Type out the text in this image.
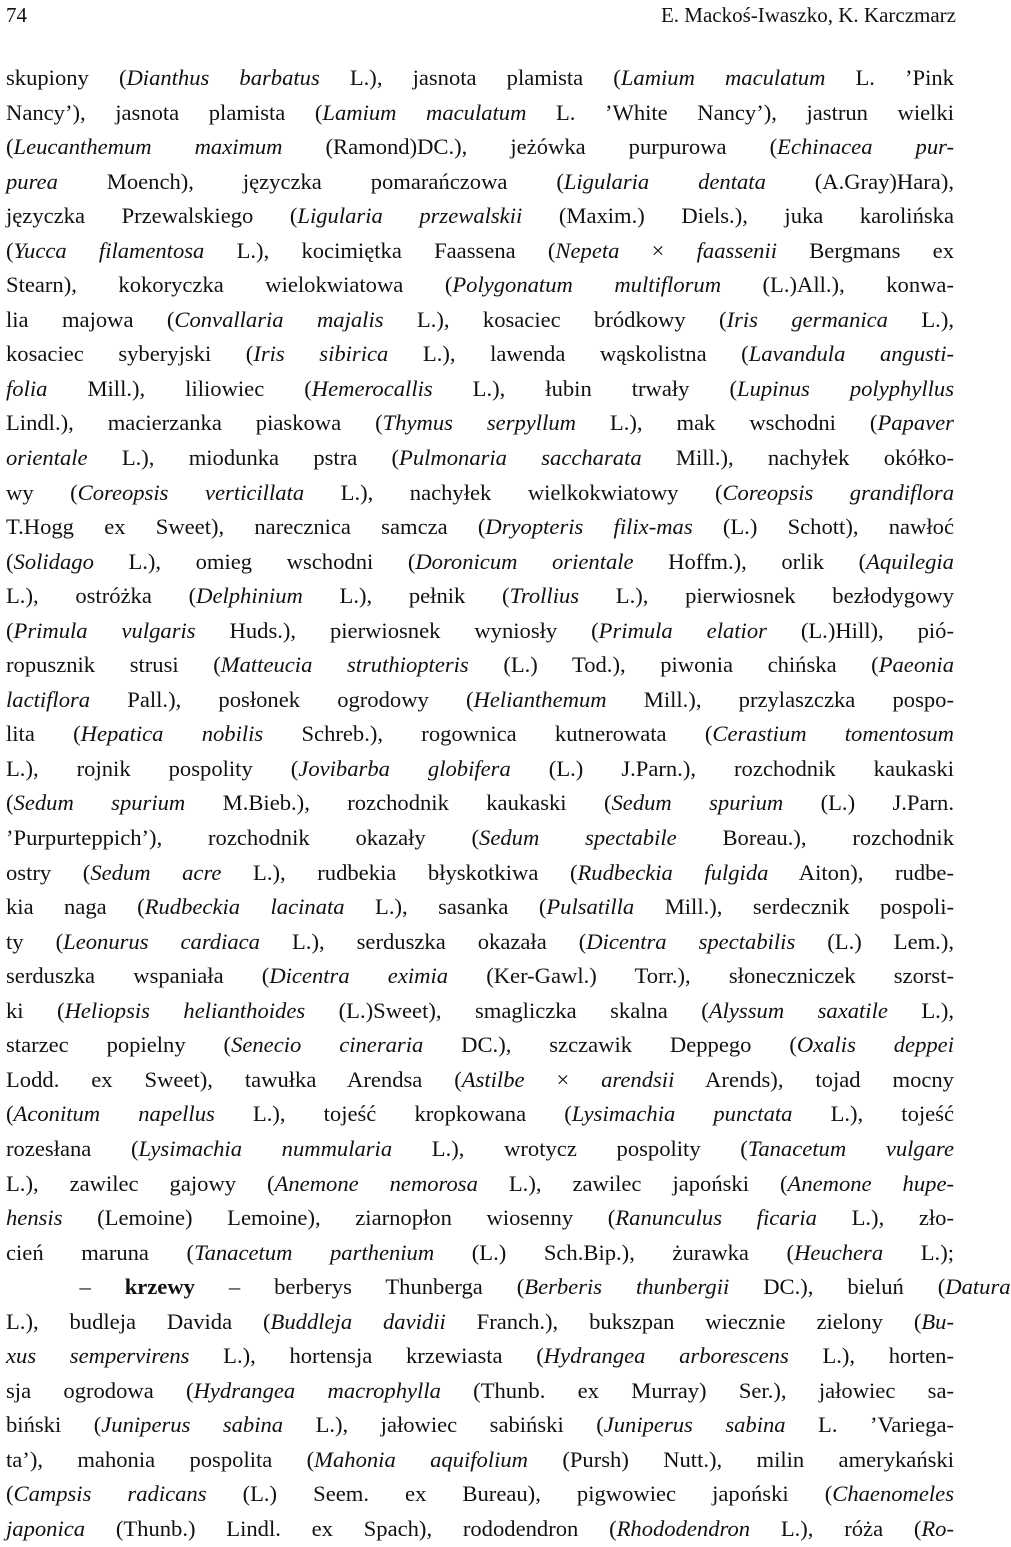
74	E. Mackoś-Iwaszko, K. Karczmarz
skupiony (Dianthus barbatus L.), jasnota plamista (Lamium maculatum L. ’Pink
Nancy’), jasnota plamista (Lamium maculatum L. ’White Nancy’), jastrun wielki
(Leucanthemum maximum (Ramond)DC.), jeżówka purpurowa (Echinacea pur-
purea Moench), języczka pomarańczowa (Ligularia dentata (A.Gray)Hara),
języczka Przewalskiego (Ligularia przewalskii (Maxim.) Diels.), juka karolińska
(Yucca filamentosa L.), kocimiętka Faassena (Nepeta × faassenii Bergmans ex
Stearn), kokoryczka wielokwiatowa (Polygonatum multiflorum (L.)All.), konwa-
lia majowa (Convallaria majalis L.), kosaciec bródkowy (Iris germanica L.),
kosaciec syberyjski (Iris sibirica L.), lawenda wąskolistna (Lavandula angusti-
folia Mill.), liliowiec (Hemerocallis L.), łubin trwały (Lupinus polyphyllus
Lindl.), macierzanka piaskowa (Thymus serpyllum L.), mak wschodni (Papaver
orientale L.), miodunka pstra (Pulmonaria saccharata Mill.), nachyłek okółko-
wy (Coreopsis verticillata L.), nachyłek wielkokwiatowy (Coreopsis grandiflora
T.Hogg ex Sweet), narecznica samcza (Dryopteris filix-mas (L.) Schott), nawłoć
(Solidago L.), omieg wschodni (Doronicum orientale Hoffm.), orlik (Aquilegia
L.), ostróżka (Delphinium L.), pełnik (Trollius L.), pierwiosnek bezłodygowy
(Primula vulgaris Huds.), pierwiosnek wyniosły (Primula elatior (L.)Hill), pió-
ropusznik strusi (Matteucia struthiopteris (L.) Tod.), piwonia chińska (Paeonia
lactiflora Pall.), posłonek ogrodowy (Helianthemum Mill.), przylaszczka pospo-
lita (Hepatica nobilis Schreb.), rogownica kutnerowata (Cerastium tomentosum
L.), rojnik pospolity (Jovibarba globifera (L.) J.Parn.), rozchodnik kaukaski
(Sedum spurium M.Bieb.), rozchodnik kaukaski (Sedum spurium (L.) J.Parn.
’Purpurteppich’), rozchodnik okazały (Sedum spectabile Boreau.), rozchodnik
ostry (Sedum acre L.), rudbekia błyskotkiwa (Rudbeckia fulgida Aiton), rudbe-
kia naga (Rudbeckia lacinata L.), sasanka (Pulsatilla Mill.), serdecznik pospoli-
ty (Leonurus cardiaca L.), serduszka okazała (Dicentra spectabilis (L.) Lem.),
serduszka wspaniała (Dicentra eximia (Ker-Gawl.) Torr.), słoneczniczek szorst-
ki (Heliopsis helianthoides (L.)Sweet), smagliczka skalna (Alyssum saxatile L.),
starzec popielny (Senecio cineraria DC.), szczawik Deppego (Oxalis deppei
Lodd. ex Sweet), tawułka Arendsa (Astilbe × arendsii Arends), tojad mocny
(Aconitum napellus L.), tojeść kropkowana (Lysimachia punctata L.), tojeść
rozesłana (Lysimachia nummularia L.), wrotycz pospolity (Tanacetum vulgare
L.), zawilec gajowy (Anemone nemorosa L.), zawilec japoński (Anemone hupe-
hensis (Lemoine) Lemoine), ziarnopłon wiosenny (Ranunculus ficaria L.), zło-
cień maruna (Tanacetum parthenium (L.) Sch.Bip.), żurawka (Heuchera L.);
– krzewy – berberys Thunberga (Berberis thunbergii DC.), bieluń (Datura
L.), budleja Davida (Buddleja davidii Franch.), bukszpan wiecznie zielony (Bu-
xus sempervirens L.), hortensja krzewiasta (Hydrangea arborescens L.), horten-
sja ogrodowa (Hydrangea macrophylla (Thunb. ex Murray) Ser.), jałowiec sa-
biński (Juniperus sabina L.), jałowiec sabiński (Juniperus sabina L. ’Variega-
ta’), mahonia pospolita (Mahonia aquifolium (Pursh) Nutt.), milin amerykański
(Campsis radicans (L.) Seem. ex Bureau), pigwowiec japoński (Chaenomeles
japonica (Thunb.) Lindl. ex Spach), rododendron (Rhododendron L.), róża (Ro-
